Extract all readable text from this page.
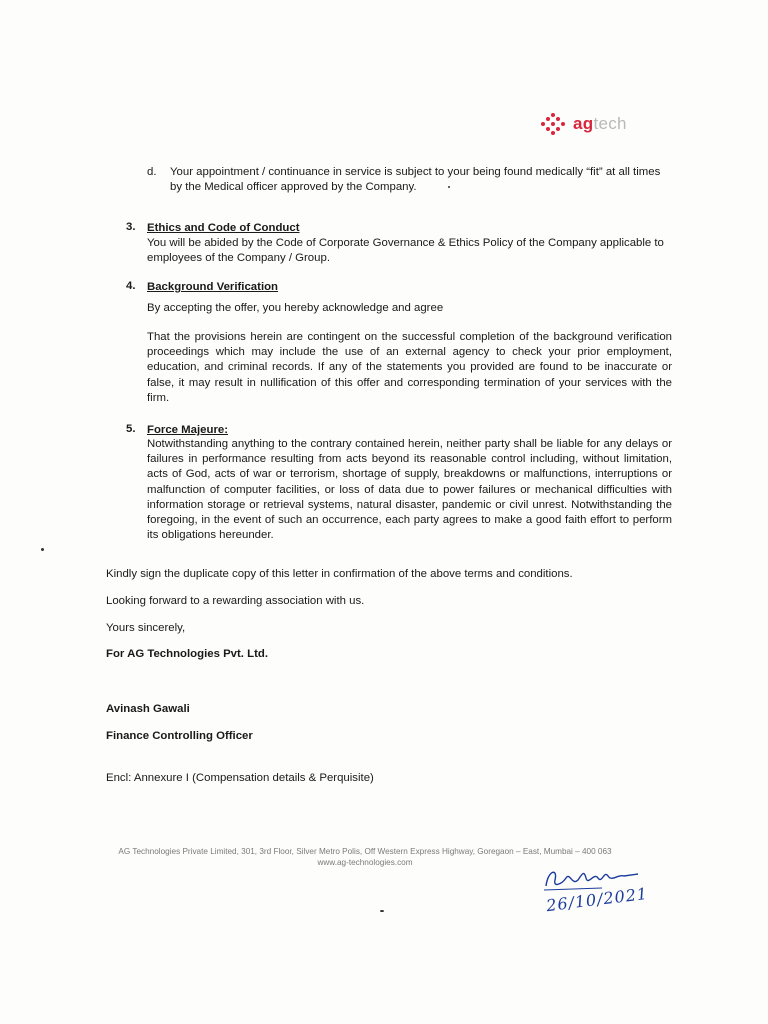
agtech
d. Your appointment / continuance in service is subject to your being found medically “fit” at all times by the Medical officer approved by the Company.
3. Ethics and Code of Conduct
You will be abided by the Code of Corporate Governance & Ethics Policy of the Company applicable to employees of the Company / Group.
4. Background Verification
By accepting the offer, you hereby acknowledge and agree
That the provisions herein are contingent on the successful completion of the background verification proceedings which may include the use of an external agency to check your prior employment, education, and criminal records. If any of the statements you provided are found to be inaccurate or false, it may result in nullification of this offer and corresponding termination of your services with the firm.
5. Force Majeure:
Notwithstanding anything to the contrary contained herein, neither party shall be liable for any delays or failures in performance resulting from acts beyond its reasonable control including, without limitation, acts of God, acts of war or terrorism, shortage of supply, breakdowns or malfunctions, interruptions or malfunction of computer facilities, or loss of data due to power failures or mechanical difficulties with information storage or retrieval systems, natural disaster, pandemic or civil unrest. Notwithstanding the foregoing, in the event of such an occurrence, each party agrees to make a good faith effort to perform its obligations hereunder.
Kindly sign the duplicate copy of this letter in confirmation of the above terms and conditions.
Looking forward to a rewarding association with us.
Yours sincerely,
For AG Technologies Pvt. Ltd.
Avinash Gawali
Finance Controlling Officer
Encl: Annexure I (Compensation details & Perquisite)
AG Technologies Private Limited, 301, 3rd Floor, Silver Metro Polis, Off Western Express Highway, Goregaon – East, Mumbai – 400 063
www.ag-technologies.com
26/10/2021
